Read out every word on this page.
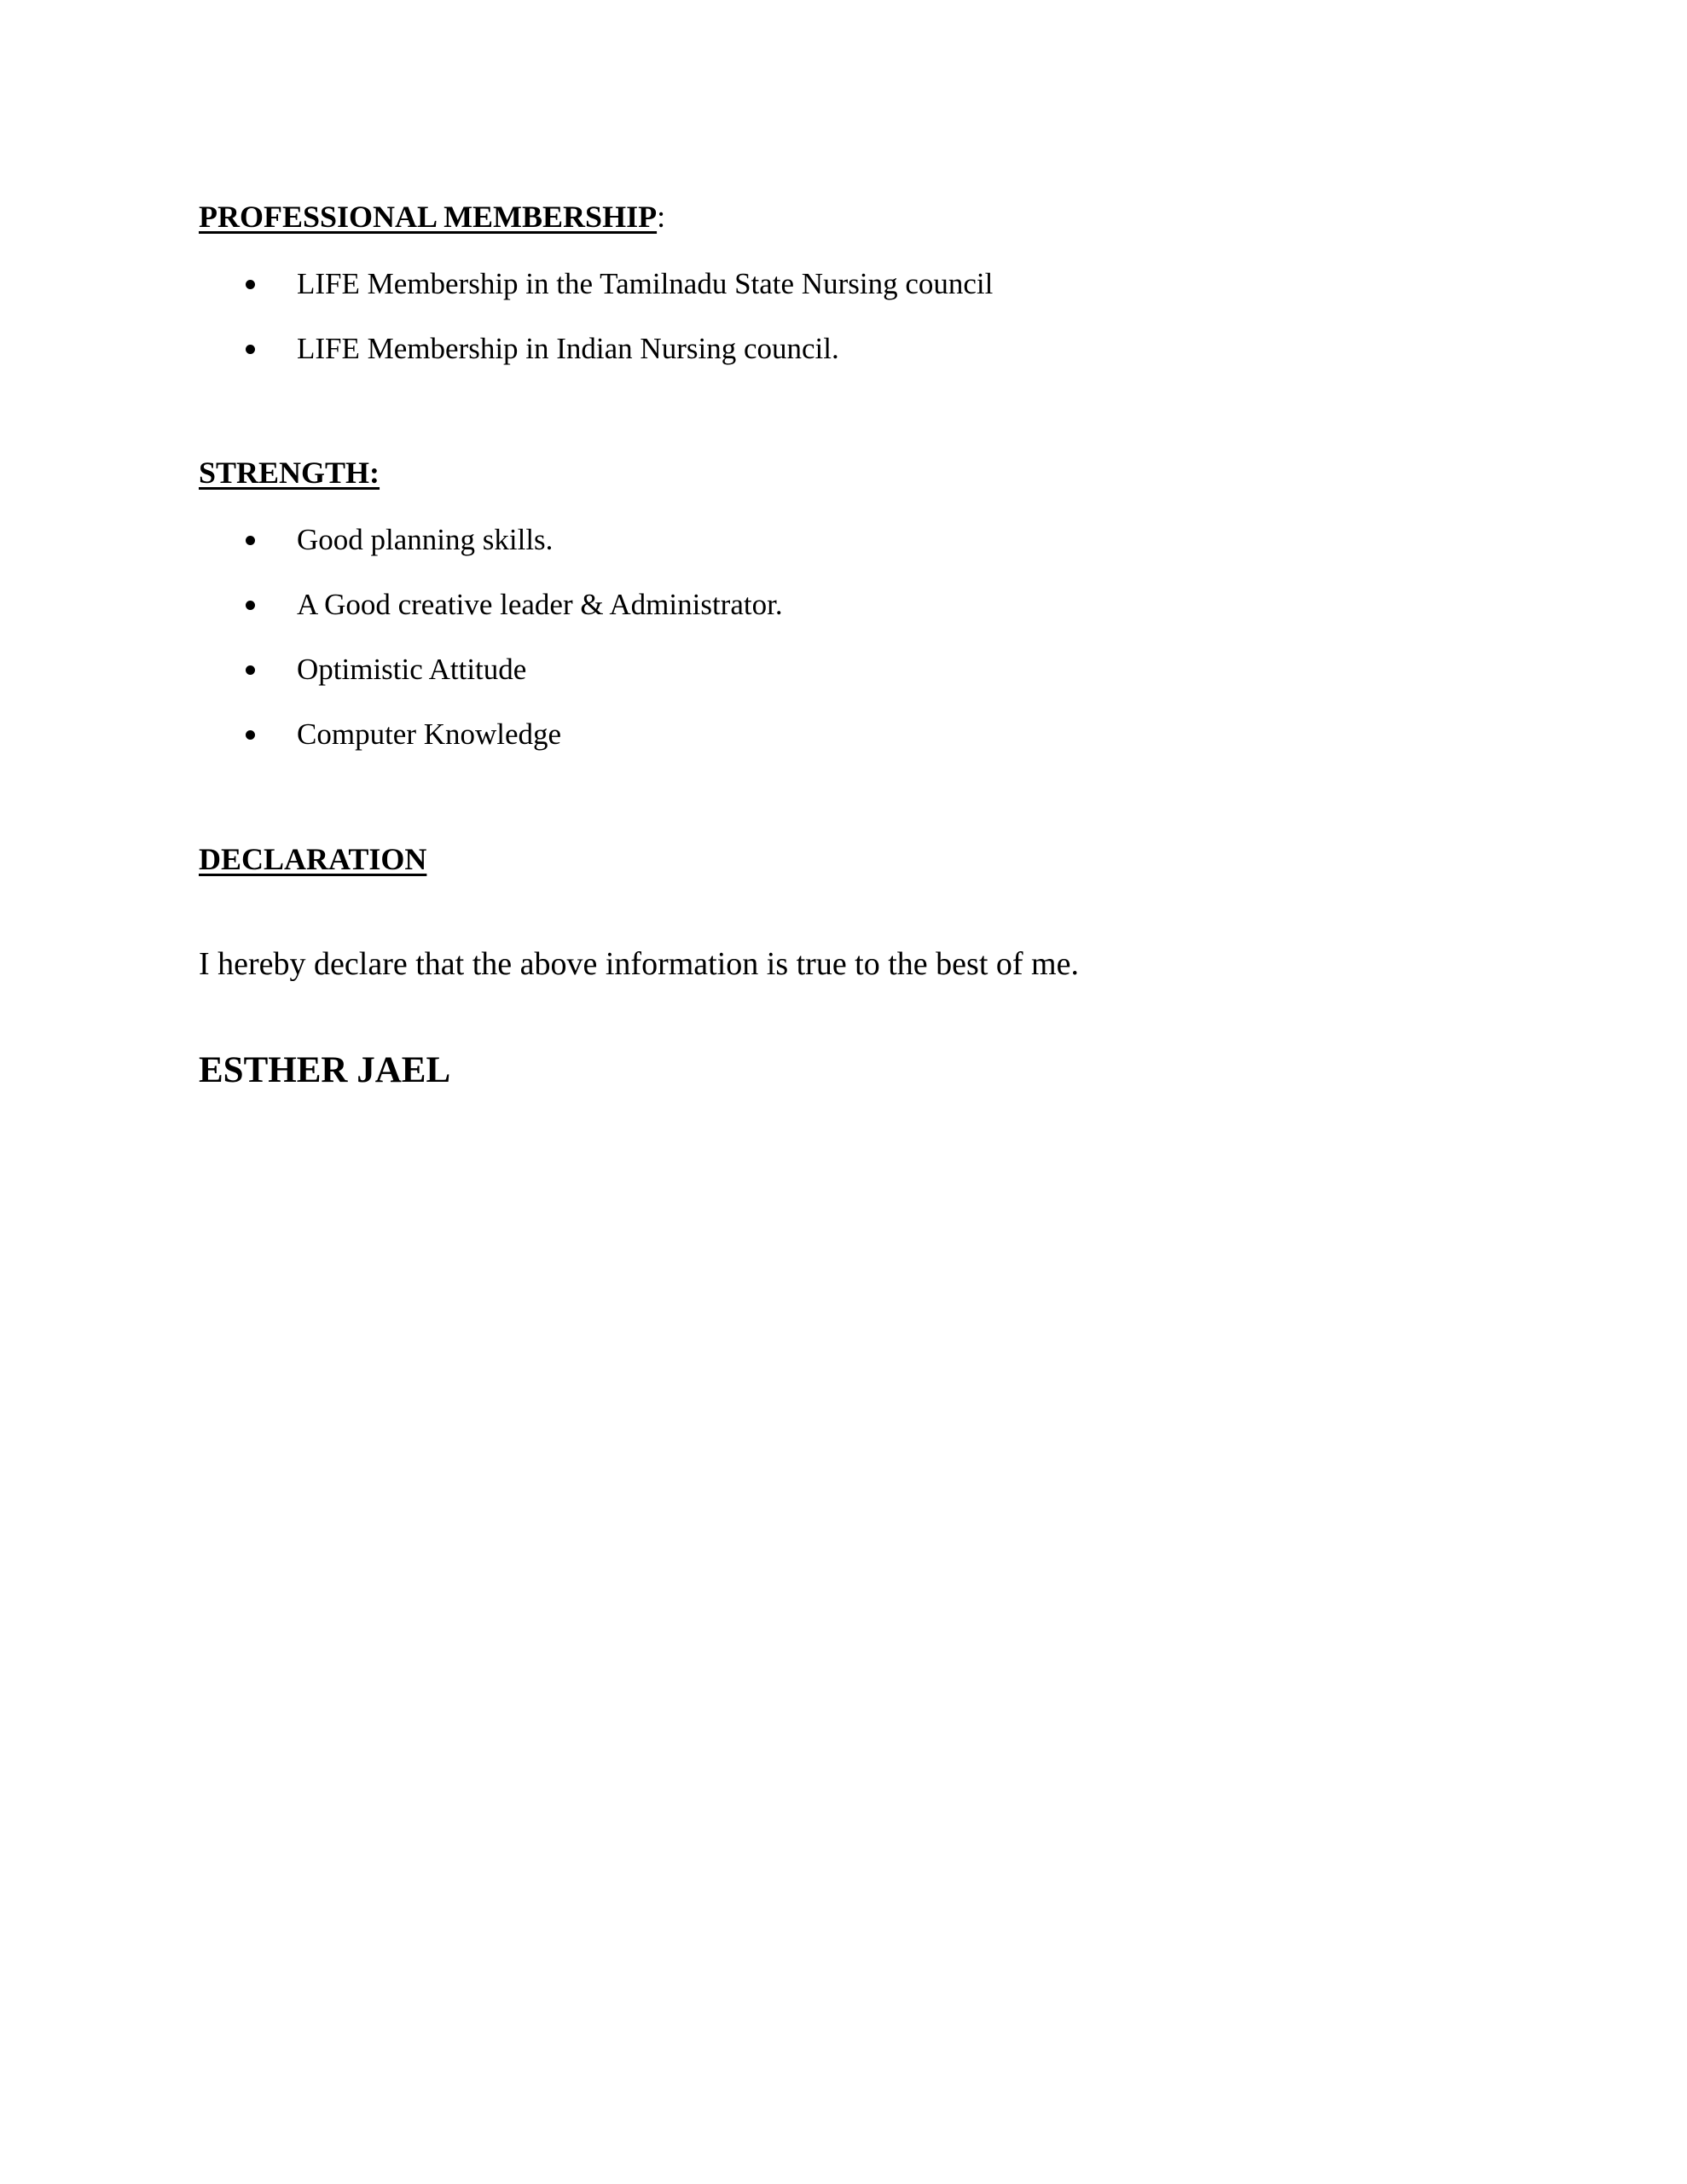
PROFESSIONAL MEMBERSHIP:
LIFE Membership in the Tamilnadu State Nursing council
LIFE Membership in Indian Nursing council.
STRENGTH:
Good planning skills.
A Good creative leader & Administrator.
Optimistic Attitude
Computer Knowledge
DECLARATION

I hereby declare that the above information is true to the best of me.

ESTHER JAEL
